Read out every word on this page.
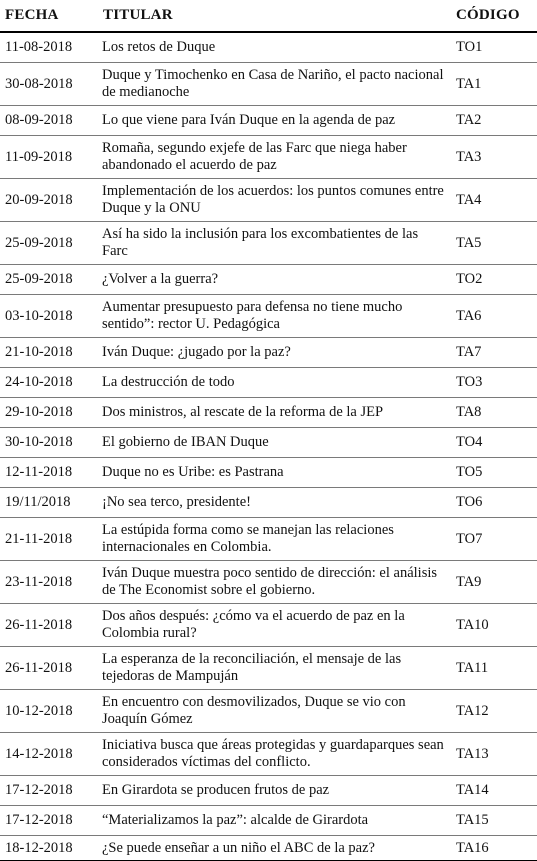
FECHA	TITULAR	CÓDIGO
11-08-2018	Los retos de Duque	TO1
30-08-2018	Duque y Timochenko en Casa de Nariño, el pacto nacional de medianoche	TA1
08-09-2018	Lo que viene para Iván Duque en la agenda de paz	TA2
11-09-2018	Romaña, segundo exjefe de las Farc que niega haber abandonado el acuerdo de paz	TA3
20-09-2018	Implementación de los acuerdos: los puntos comunes entre Duque y la ONU	TA4
25-09-2018	Así ha sido la inclusión para los excombatientes de las Farc	TA5
25-09-2018	¿Volver a la guerra?	TO2
03-10-2018	Aumentar presupuesto para defensa no tiene mucho sentido”: rector U. Pedagógica	TA6
21-10-2018	Iván Duque: ¿jugado por la paz?	TA7
24-10-2018	La destrucción de todo	TO3
29-10-2018	Dos ministros, al rescate de la reforma de la JEP	TA8
30-10-2018	El gobierno de IBAN Duque	TO4
12-11-2018	Duque no es Uribe: es Pastrana	TO5
19/11/2018	¡No sea terco, presidente!	TO6
21-11-2018	La estúpida forma como se manejan las relaciones internacionales en Colombia.	TO7
23-11-2018	Iván Duque muestra poco sentido de dirección: el análisis de The Economist sobre el gobierno.	TA9
26-11-2018	Dos años después: ¿cómo va el acuerdo de paz en la Colombia rural?	TA10
26-11-2018	La esperanza de la reconciliación, el mensaje de las tejedoras de Mampuján	TA11
10-12-2018	En encuentro con desmovilizados, Duque se vio con Joaquín Gómez	TA12
14-12-2018	Iniciativa busca que áreas protegidas y guardaparques sean considerados víctimas del conflicto.	TA13
17-12-2018	En Girardota se producen frutos de paz	TA14
17-12-2018	“Materializamos la paz”: alcalde de Girardota	TA15
18-12-2018	¿Se puede enseñar a un niño el ABC de la paz?	TA16
